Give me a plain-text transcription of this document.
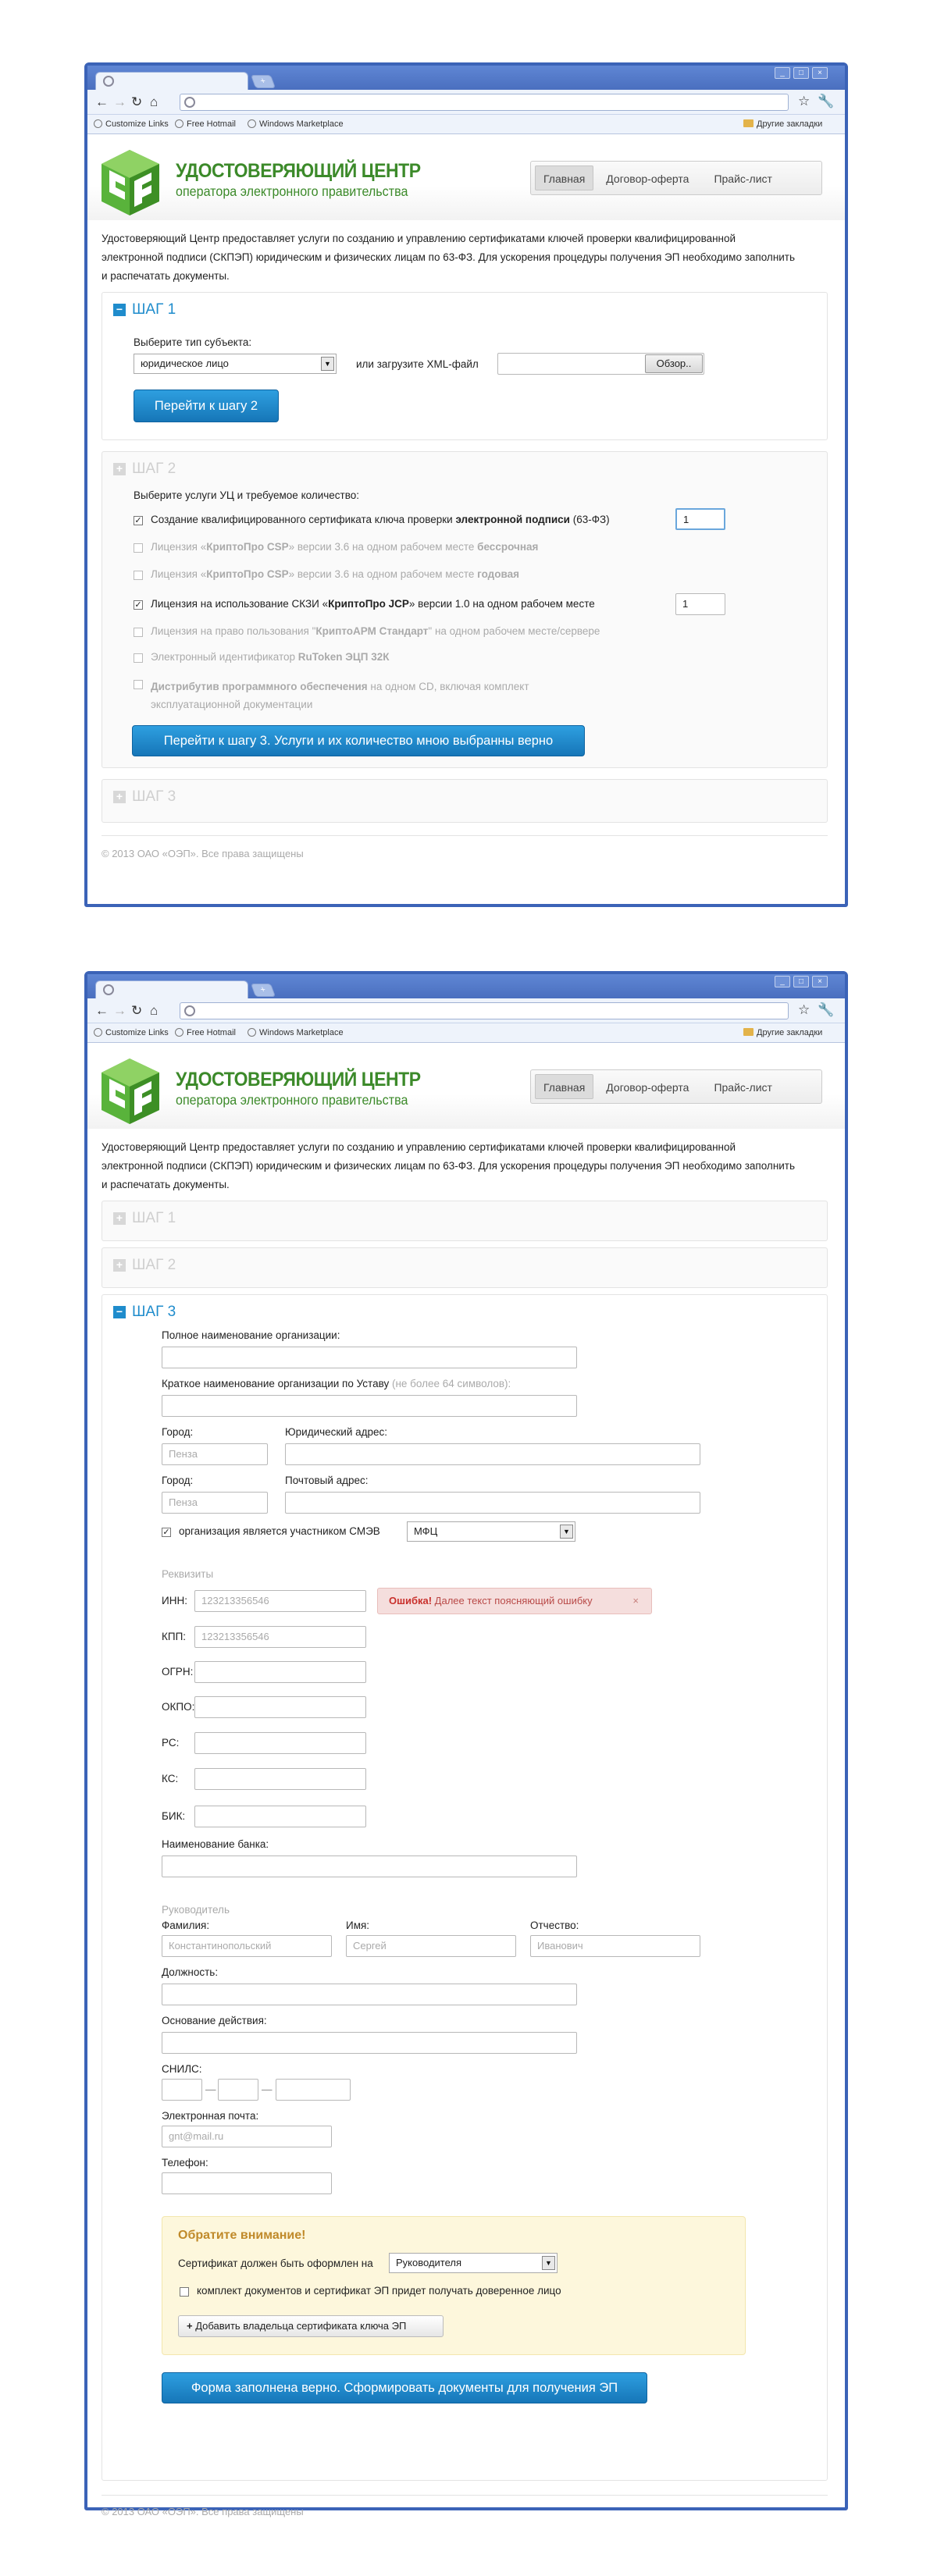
+
_	□	×
← → ↻ ⌂	☆ 🔧
Customize Links	Free Hotmail	Windows Marketplace	Другие закладки
УДОСТОВЕРЯЮЩИЙ ЦЕНТР
оператора электронного правительства
Главная Договор-оферта Прайс-лист
Удостоверяющий Центр предоставляет услуги по созданию и управлению сертификатами ключей проверки квалифицированной
электронной подписи (СКПЭП) юридическим и физических лицам по 63-ФЗ. Для ускорения процедуры получения ЭП необходимо заполнить
и распечатать документы.
− ШАГ 1
Выберите тип субъекта:
юридическое лицо	▼ или загрузите XML-файл	Обзор..
Перейти к шагу 2
+ ШАГ 2
Выберите услуги УЦ и требуемое количество:
✓ Создание квалифицированного сертификата ключа проверки электронной подписи (63-ФЗ)	1
Лицензия «КриптоПро CSP» версии 3.6 на одном рабочем месте бессрочная
Лицензия «КриптоПро CSP» версии 3.6 на одном рабочем месте годовая
✓ Лицензия на использование СКЗИ «КриптоПро JCP» версии 1.0 на одном рабочем месте	1
Лицензия на право пользования "КриптоАРМ Стандарт" на одном рабочем месте/сервере
Электронный идентификатор RuToken ЭЦП 32К
Дистрибутив программного обеспечения на одном CD, включая комплект
эксплуатационной документации
Перейти к шагу 3. Услуги и их количество мною выбранны верно
+ ШАГ 3
© 2013 ОАО «ОЭП». Все права защищены
+
_	□	×
← → ↻ ⌂	☆ 🔧
Customize Links	Free Hotmail	Windows Marketplace	Другие закладки
УДОСТОВЕРЯЮЩИЙ ЦЕНТР
оператора электронного правительства
Главная Договор-оферта Прайс-лист
Удостоверяющий Центр предоставляет услуги по созданию и управлению сертификатами ключей проверки квалифицированной
электронной подписи (СКПЭП) юридическим и физических лицам по 63-ФЗ. Для ускорения процедуры получения ЭП необходимо заполнить
и распечатать документы.
+ ШАГ 1
+ ШАГ 2
− ШАГ 3
Полное наименование организации:
Краткое наименование организации по Уставу (не более 64 символов):
Город:
Пенза
Юридический адрес:
Город:
Пенза
Почтовый адрес:
✓ организация является участником СМЭВ	МФЦ	▼
Реквизиты
ИНН:	123213356546	Ошибка! Далее текст поясняющий ошибку	×
КПП:	123213356546
ОГРН:
ОКПО:
РС:
КС:
БИК:
Наименование банка:
Руководитель
Фамилия:
Константинопольский
Имя:
Сергей
Отчество:
Иванович
Должность:
Основание действия:
СНИЛС:
—	—
Электронная почта:
gnt@mail.ru
Телефон:
Обратите внимание!
Сертификат должен быть оформлен на	Руководителя	▼
комплект документов и сертификат ЭП придет получать доверенное лицо
+ Добавить владельца сертификата ключа ЭП
Форма заполнена верно. Сформировать документы для получения ЭП
© 2013 ОАО «ОЭП». Все права защищены
